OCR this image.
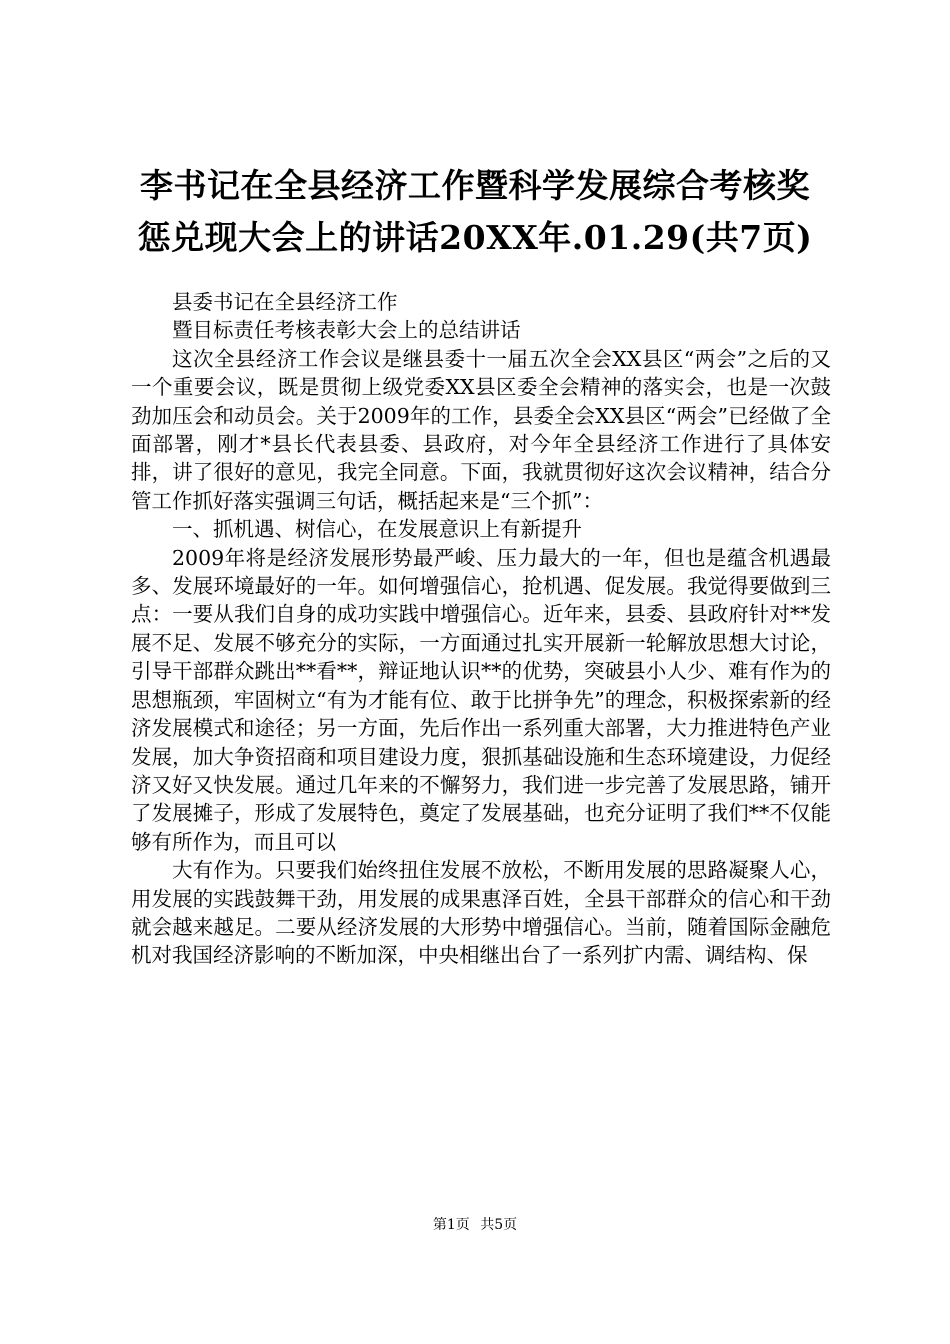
李书记在全县经济工作暨科学发展综合考核奖
惩兑现大会上的讲话20XX年.01.29(共7页)

县委书记在全县经济工作

暨目标责任考核表彰大会上的总结讲话

这次全县经济工作会议是继县委十一届五次全会XX县区“两会”之后的又一个重要会议，既是贯彻上级党委XX县区委全会精神的落实会，也是一次鼓劲加压会和动员会。关于2009年的工作，县委全会XX县区“两会”已经做了全面部署，刚才*县长代表县委、县政府，对今年全县经济工作进行了具体安排，讲了很好的意见，我完全同意。下面，我就贯彻好这次会议精神，结合分管工作抓好落实强调三句话，概括起来是“三个抓”：

一、抓机遇、树信心，在发展意识上有新提升

2009年将是经济发展形势最严峻、压力最大的一年，但也是蕴含机遇最多、发展环境最好的一年。如何增强信心，抢机遇、促发展。我觉得要做到三点：一要从我们自身的成功实践中增强信心。近年来，县委、县政府针对**发展不足、发展不够充分的实际，一方面通过扎实开展新一轮解放思想大讨论，引导干部群众跳出**看**，辩证地认识**的优势，突破县小人少、难有作为的思想瓶颈，牢固树立“有为才能有位、敢于比拼争先”的理念，积极探索新的经济发展模式和途径；另一方面，先后作出一系列重大部署，大力推进特色产业发展，加大争资招商和项目建设力度，狠抓基础设施和生态环境建设，力促经济又好又快发展。通过几年来的不懈努力，我们进一步完善了发展思路，铺开了发展摊子，形成了发展特色，奠定了发展基础，也充分证明了我们**不仅能够有所作为，而且可以

大有作为。只要我们始终扭住发展不放松，不断用发展的思路凝聚人心，用发展的实践鼓舞干劲，用发展的成果惠泽百姓，全县干部群众的信心和干劲就会越来越足。二要从经济发展的大形势中增强信心。当前，随着国际金融危机对我国经济影响的不断加深，中央相继出台了一系列扩内需、调结构、保

第1页 共5页
